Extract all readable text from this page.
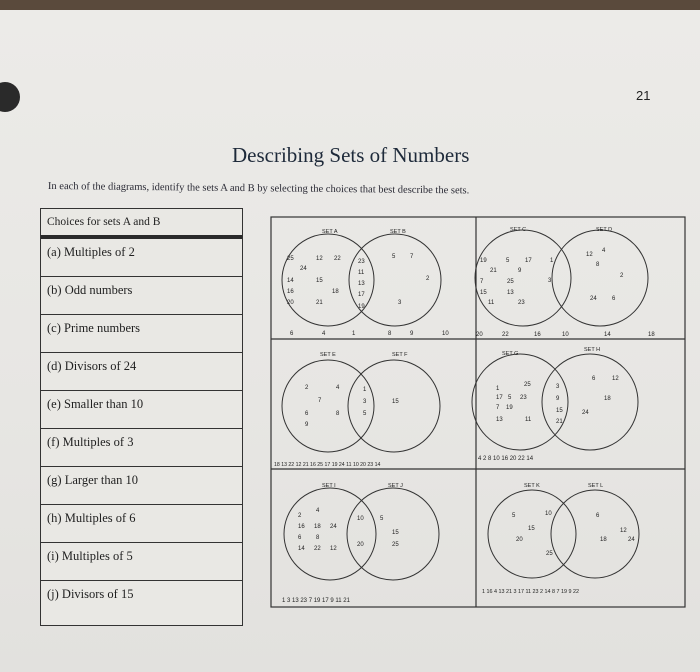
21
Describing Sets of Numbers
In each of the diagrams, identify the sets A and B by selecting the choices that best describe the sets.
Choices for sets A and B
(a) Multiples of 2
(b) Odd numbers
(c) Prime numbers
(d) Divisors of 24
(e) Smaller than 10
(f) Multiples of 3
(g) Larger than 10
(h) Multiples of 6
(i) Multiples of 5
(j) Divisors of 15
SET A	SET B
25	12 22
24
14	15
16	18
20	21
23
11
13
17
19
5 7
2
3
6	4	1	8	9	10
SET C	SET D
19	5
21	9
7	25
15	13
11	23
17	1
3
12
4
8
2
24	6
20	22	16	10	14	18
SET E	SET F
2	4
7
6	8
9
1
3
5
15
18 13 22 12 21 16 25 17 19 24 11 10 20 23 14
SET G
SET H
1
25
17 5 23
7 19
13	11
3
9
15
21
6	12
18
24
4 2 8 10 16 20 22 14
SET I	SET J
2
4
16 18 24
6 8
14 22 12
10
20
5
15
25
1 3 13 23 7 19 17 9 11 21
SET K	SET L
5
15
20
25
10	6
12
18	24
1 16 4 13 21 3 17 11 23 2 14 8 7 19 9 22
